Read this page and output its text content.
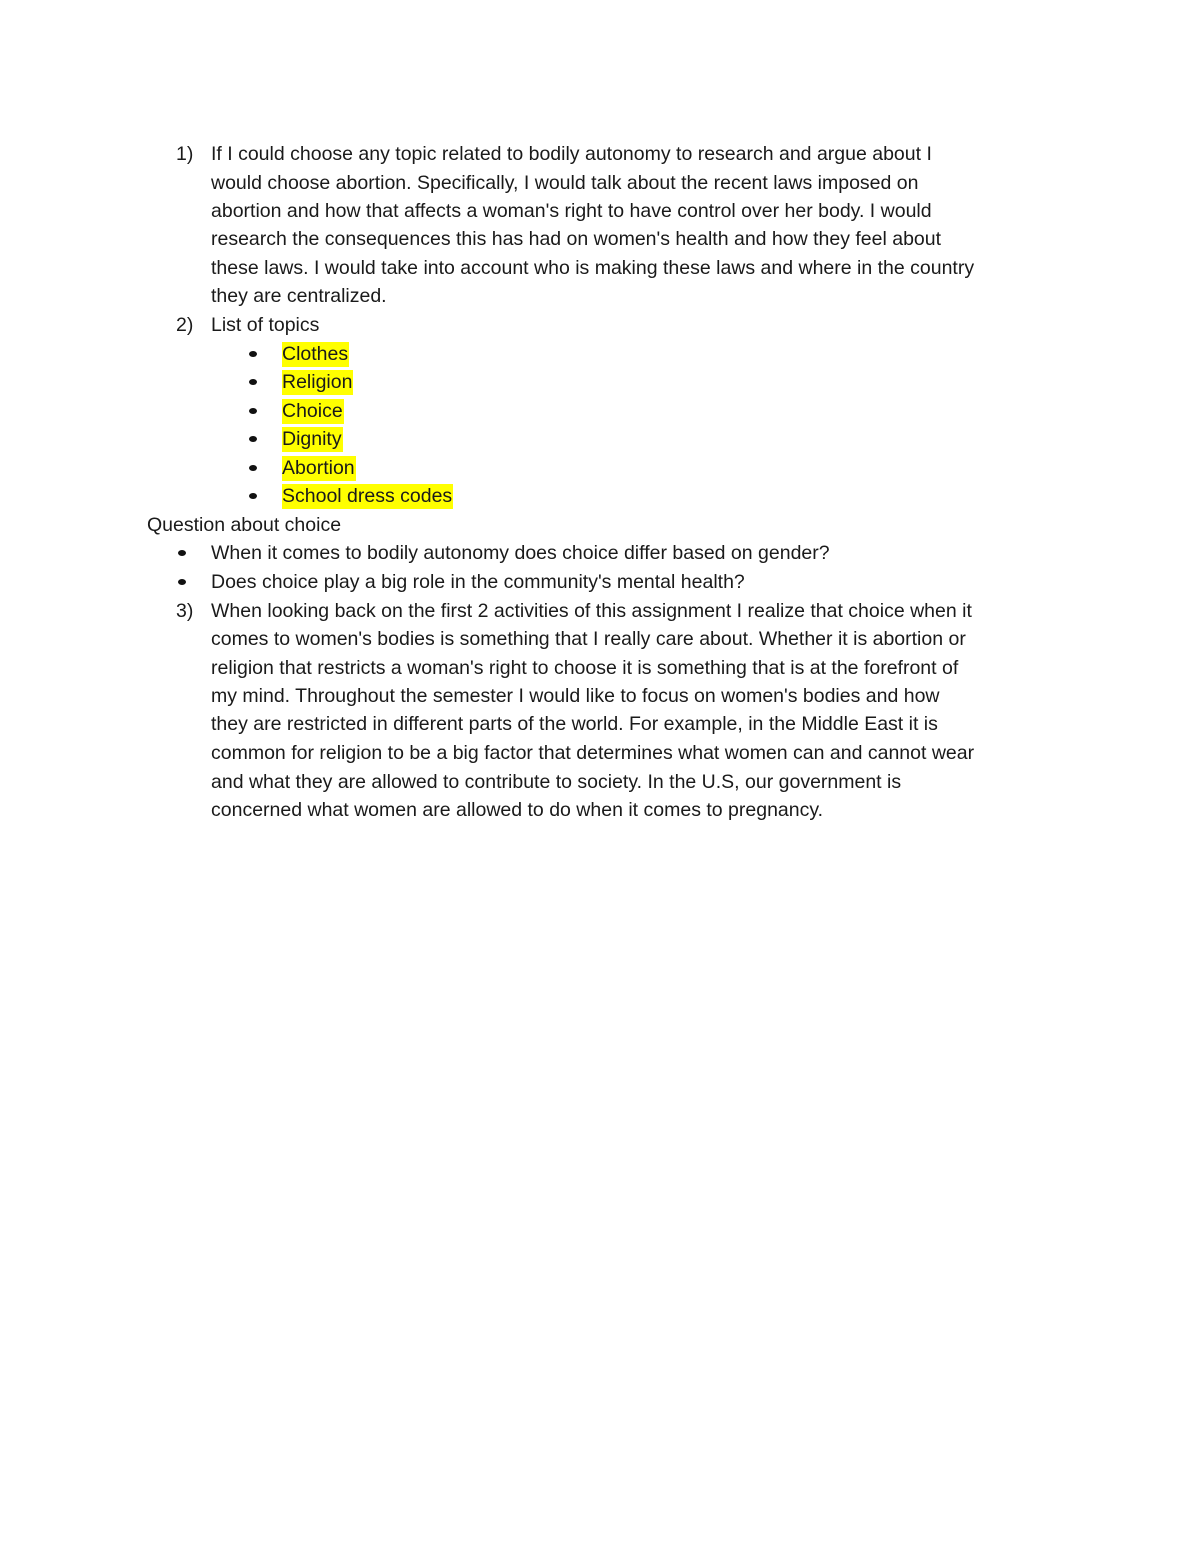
1) If I could choose any topic related to bodily autonomy to research and argue about I
would choose abortion. Specifically, I would talk about the recent laws imposed on
abortion and how that affects a woman's right to have control over her body. I would
research the consequences this has had on women's health and how they feel about
these laws. I would take into account who is making these laws and where in the country
they are centralized.
2) List of topics
Clothes
Religion
Choice
Dignity
Abortion
School dress codes
Question about choice
When it comes to bodily autonomy does choice differ based on gender?
Does choice play a big role in the community's mental health?
3) When looking back on the first 2 activities of this assignment I realize that choice when it
comes to women's bodies is something that I really care about. Whether it is abortion or
religion that restricts a woman's right to choose it is something that is at the forefront of
my mind. Throughout the semester I would like to focus on women's bodies and how
they are restricted in different parts of the world. For example, in the Middle East it is
common for religion to be a big factor that determines what women can and cannot wear
and what they are allowed to contribute to society. In the U.S, our government is
concerned what women are allowed to do when it comes to pregnancy.
